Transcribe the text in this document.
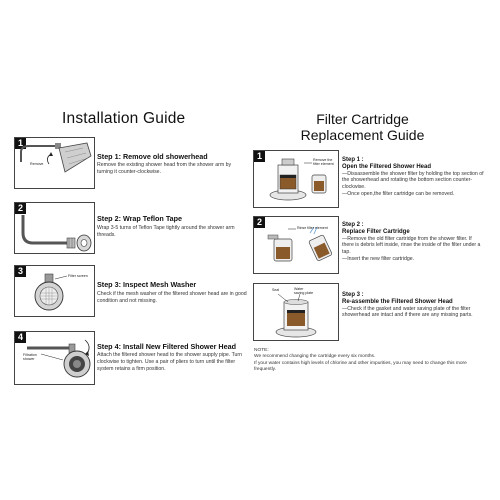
Installation Guide
1
Remove
Step 1: Remove old showerhead
Remove the existing shower head from the shower arm by turning it counter-clockwise.
2
Step 2: Wrap Teflon Tape
Wrap 3-5 turns of Teflon Tape tightly around the shower arm threads.
3	Filter screen
Step 3: Inspect Mesh Washer
Check if the mesh washer of the filtered shower head are in good condition and not missing.
4
Filtration shower
Step 4: Install New Filtered Shower Head
Attach the filtered shower head to the shower supply pipe. Turn clockwise to tighten. Use a pair of pliers to turn until the filter system retains a firm position.
Filter Cartridge
Replacement Guide
1	Remove the filter element

Step 1 :

Open the Filtered Shower Head

—Dissassemble the shower filter by holding the top section of the showerhead and rotating the bottom section counter-clockwise.

—Once open,the filter cartridge can be removed.

2
Rinse filter element Step 2 :

Replace Filter Cartridge

—Remove the old filter cartridge from the shower filter. If there is debris left inside, rinse the inside of the filter under a tap.

—Insert the new filter cartridge.

Water saving plate
Seal

Step 3 :

Re-assemble the Filtered Shower Head

—Check if the gasket and water saving plate of the filter showerhead are intact and if there are any missing parts.

NOTE:
We recommend changing the cartridge every six months.
If your water contains high levels of chlorine and other impurities, you may need to change this more frequently.
